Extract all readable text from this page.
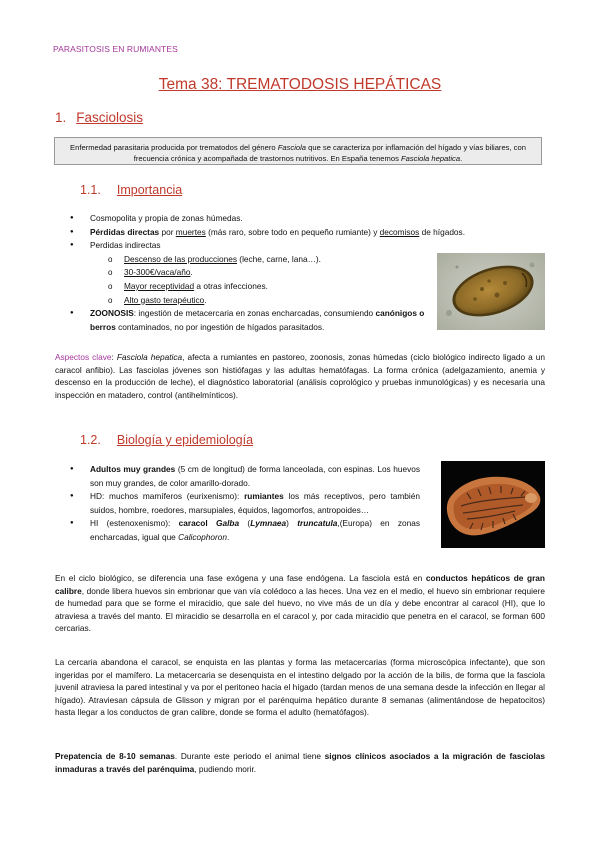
PARASITOSIS EN RUMIANTES
Tema 38: TREMATODOSIS HEPÁTICAS
1. Fasciolosis
Enfermedad parasitaria producida por trematodos del género Fasciola que se caracteriza por inflamación del hígado y vías biliares, con frecuencia crónica y acompañada de trastornos nutritivos. En España tenemos Fasciola hepatica.
1.1. Importancia
● Cosmopolita y propia de zonas húmedas.
● Pérdidas directas por muertes (más raro, sobre todo en pequeño rumiante) y decomisos de hígados.
● Perdidas indirectas
o Descenso de las producciones (leche, carne, lana…).
o 30-300€/vaca/año.
o Mayor receptividad a otras infecciones.
o Alto gasto terapéutico.
● ZOONOSIS: ingestión de metacercaria en zonas encharcadas, consumiendo canónigos o berros contaminados, no por ingestión de hígados parasitados.
Aspectos clave: Fasciola hepatica, afecta a rumiantes en pastoreo, zoonosis, zonas húmedas (ciclo biológico indirecto ligado a un caracol anfibio). Las fasciolas jóvenes son histiófagas y las adultas hematófagas. La forma crónica (adelgazamiento, anemia y descenso en la producción de leche), el diagnóstico laboratorial (análisis coprológico y pruebas inmunológicas) y es necesaria una inspección en matadero, control (antihelmínticos).
1.2. Biología y epidemiología
● Adultos muy grandes (5 cm de longitud) de forma lanceolada, con espinas. Los huevos son muy grandes, de color amarillo-dorado.
● HD: muchos mamíferos (eurixenismo): rumiantes los más receptivos, pero también suidos, hombre, roedores, marsupiales, équidos, lagomorfos, antropoides…
● HI (estenoxenismo): caracol Galba (Lymnaea) truncatula,(Europa) en zonas encharcadas, igual que Calicophoron.
En el ciclo biológico, se diferencia una fase exógena y una fase endógena. La fasciola está en conductos hepáticos de gran calibre, donde libera huevos sin embrionar que van vía colédoco a las heces. Una vez en el medio, el huevo sin embrionar requiere de humedad para que se forme el miracidio, que sale del huevo, no vive más de un día y debe encontrar al caracol (HI), que lo atraviesa a través del manto. El miracidio se desarrolla en el caracol y, por cada miracidio que penetra en el caracol, se forman 600 cercarias.
La cercaria abandona el caracol, se enquista en las plantas y forma las metacercarias (forma microscópica infectante), que son ingeridas por el mamífero. La metacercaria se desenquista en el intestino delgado por la acción de la bilis, de forma que la fasciola juvenil atraviesa la pared intestinal y va por el peritoneo hacia el hígado (tardan menos de una semana desde la infección en llegar al hígado). Atraviesan cápsula de Glisson y migran por el parénquima hepático durante 8 semanas (alimentándose de hepatocitos) hasta llegar a los conductos de gran calibre, donde se forma el adulto (hematófagos).
Prepatencia de 8-10 semanas. Durante este periodo el animal tiene signos clínicos asociados a la migración de fasciolas inmaduras a través del parénquima, pudiendo morir.
